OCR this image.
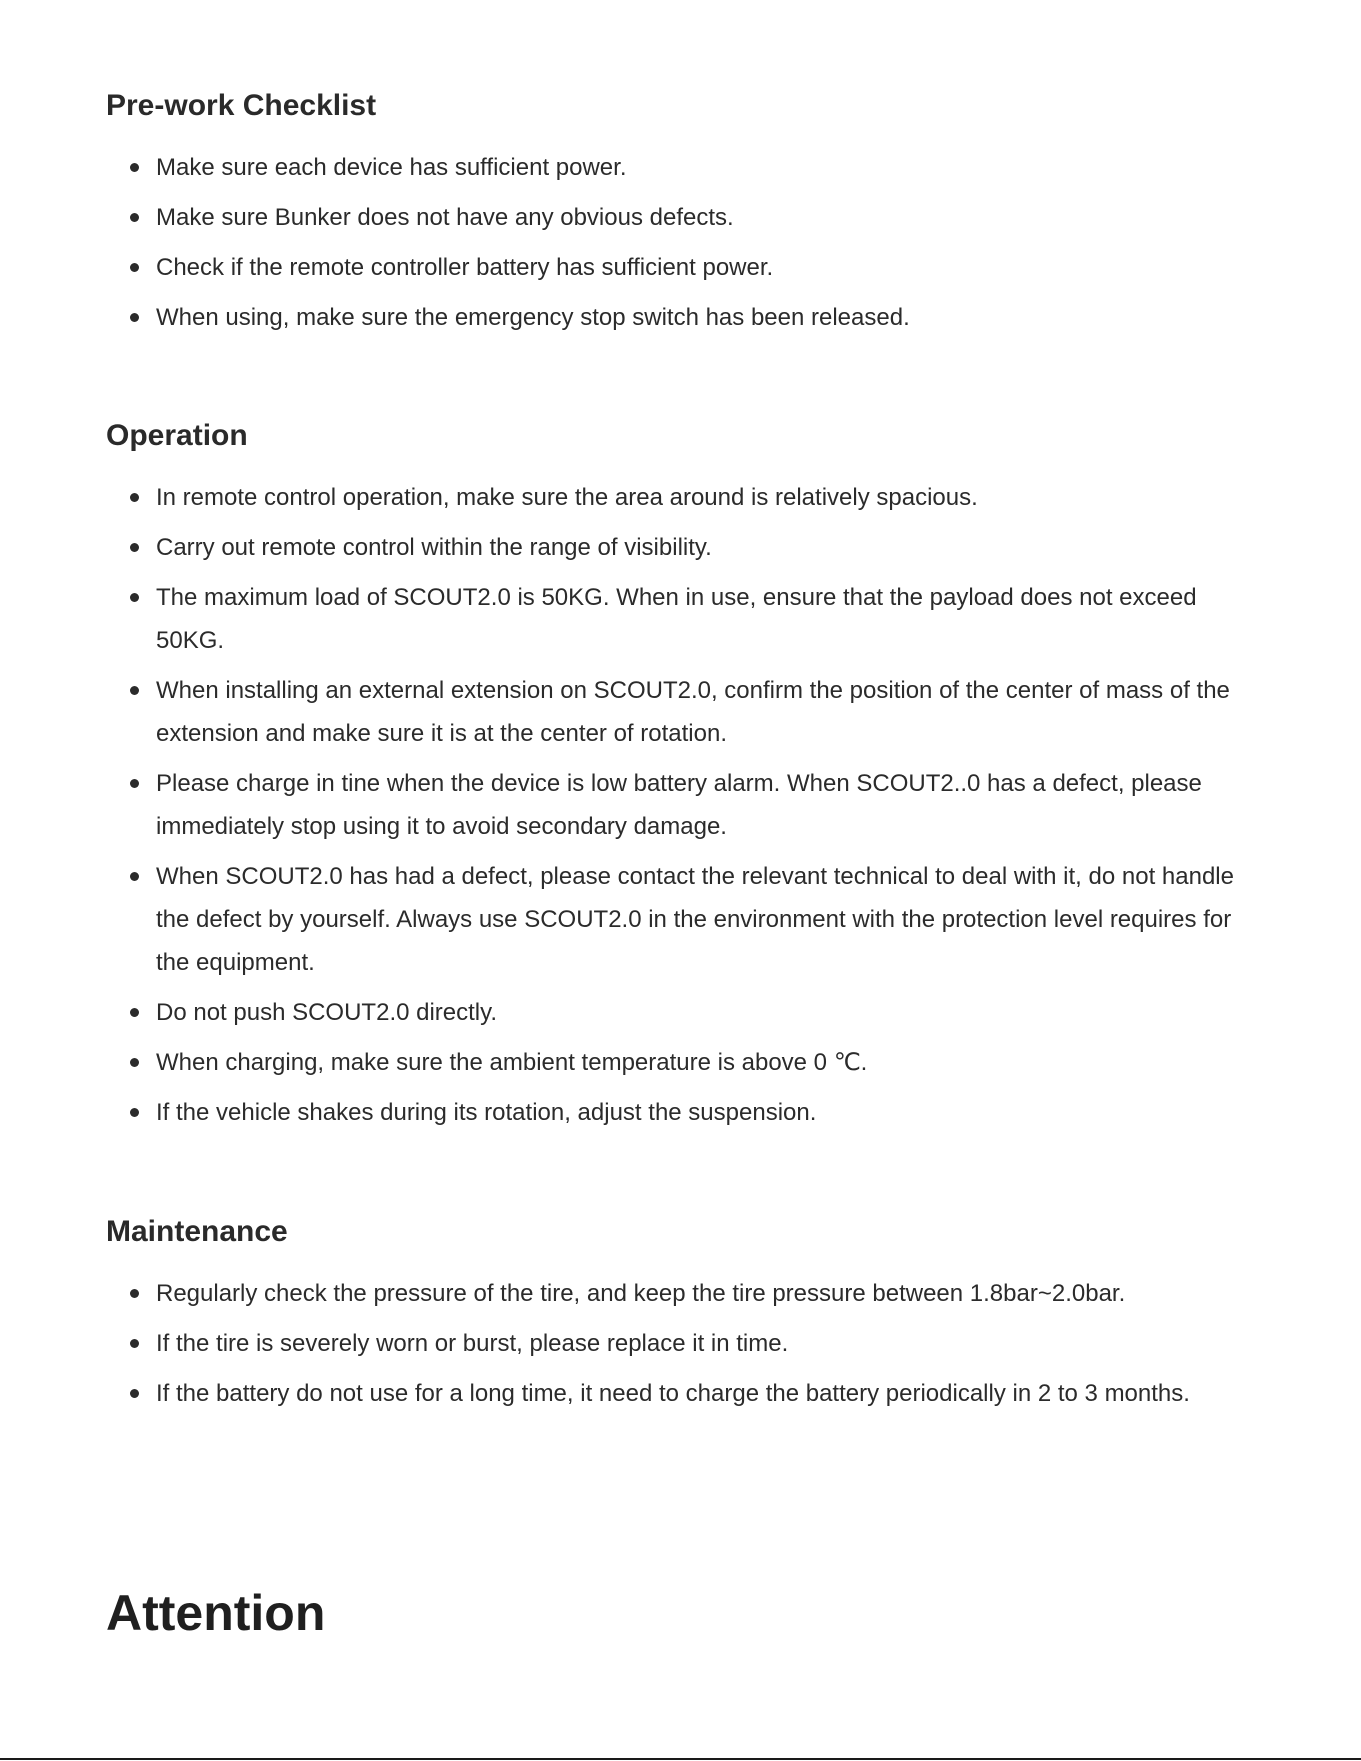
Pre-work Checklist
Make sure each device has sufficient power.
Make sure Bunker does not have any obvious defects.
Check if the remote controller battery has sufficient power.
When using, make sure the emergency stop switch has been released.
Operation
In remote control operation, make sure the area around is relatively spacious.
Carry out remote control within the range of visibility.
The maximum load of SCOUT2.0 is 50KG. When in use, ensure that the payload does not exceed 50KG.
When installing an external extension on SCOUT2.0, confirm the position of the center of mass of the extension and make sure it is at the center of rotation.
Please charge in tine when the device is low battery alarm. When SCOUT2..0 has a defect, please immediately stop using it to avoid secondary damage.
When SCOUT2.0 has had a defect, please contact the relevant technical to deal with it, do not handle the defect by yourself. Always use SCOUT2.0 in the environment with the protection level requires for the equipment.
Do not push SCOUT2.0 directly.
When charging, make sure the ambient temperature is above 0 ℃.
If the vehicle shakes during its rotation, adjust the suspension.
Maintenance
Regularly check the pressure of the tire, and keep the tire pressure between 1.8bar~2.0bar.
If the tire is severely worn or burst, please replace it in time.
If the battery do not use for a long time, it need to charge the battery periodically in 2 to 3 months.
Attention
